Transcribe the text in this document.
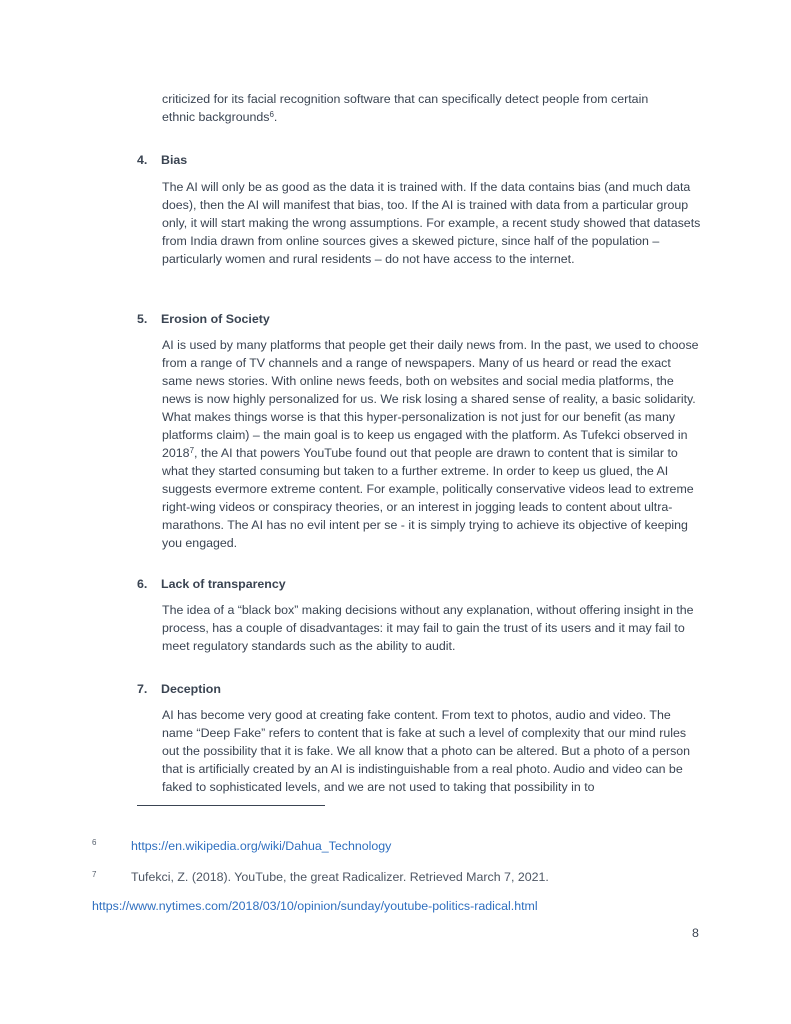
criticized for its facial recognition software that can specifically detect people from certain
ethnic backgrounds$^6$.

4. Bias

The AI will only be as good as the data it is trained with. If the data contains bias (and much data does), then the AI will manifest that bias, too. If the AI is trained with data from a particular group only, it will start making the wrong assumptions. For example, a recent study showed that datasets from India drawn from online sources gives a skewed picture, since half of the population – particularly women and rural residents – do not have access to the internet.

5. Erosion of Society

AI is used by many platforms that people get their daily news from. In the past, we used to choose from a range of TV channels and a range of newspapers. Many of us heard or read the exact same news stories. With online news feeds, both on websites and social media platforms, the news is now highly personalized for us. We risk losing a shared sense of reality, a basic solidarity. What makes things worse is that this hyper-personalization is not just for our benefit (as many platforms claim) – the main goal is to keep us engaged with the platform. As Tufekci observed in 2018$^7$, the AI that powers YouTube found out that people are drawn to content that is similar to what they started consuming but taken to a further extreme. In order to keep us glued, the AI suggests evermore extreme content. For example, politically conservative videos lead to extreme right-wing videos or conspiracy theories, or an interest in jogging leads to content about ultra-marathons. The AI has no evil intent per se - it is simply trying to achieve its objective of keeping you engaged.

6. Lack of transparency

The idea of a “black box” making decisions without any explanation, without offering insight in the process, has a couple of disadvantages: it may fail to gain the trust of its users and it may fail to meet regulatory standards such as the ability to audit.

7. Deception

AI has become very good at creating fake content. From text to photos, audio and video. The name “Deep Fake” refers to content that is fake at such a level of complexity that our mind rules out the possibility that it is fake. We all know that a photo can be altered. But a photo of a person that is artificially created by an AI is indistinguishable from a real photo. Audio and video can be faked to sophisticated levels, and we are not used to taking that possibility in to

6	https://en.wikipedia.org/wiki/Dahua_Technology
7	Tufekci, Z. (2018). YouTube, the great Radicalizer. Retrieved March 7, 2021.
https://www.nytimes.com/2018/03/10/opinion/sunday/youtube-politics-radical.html
8
